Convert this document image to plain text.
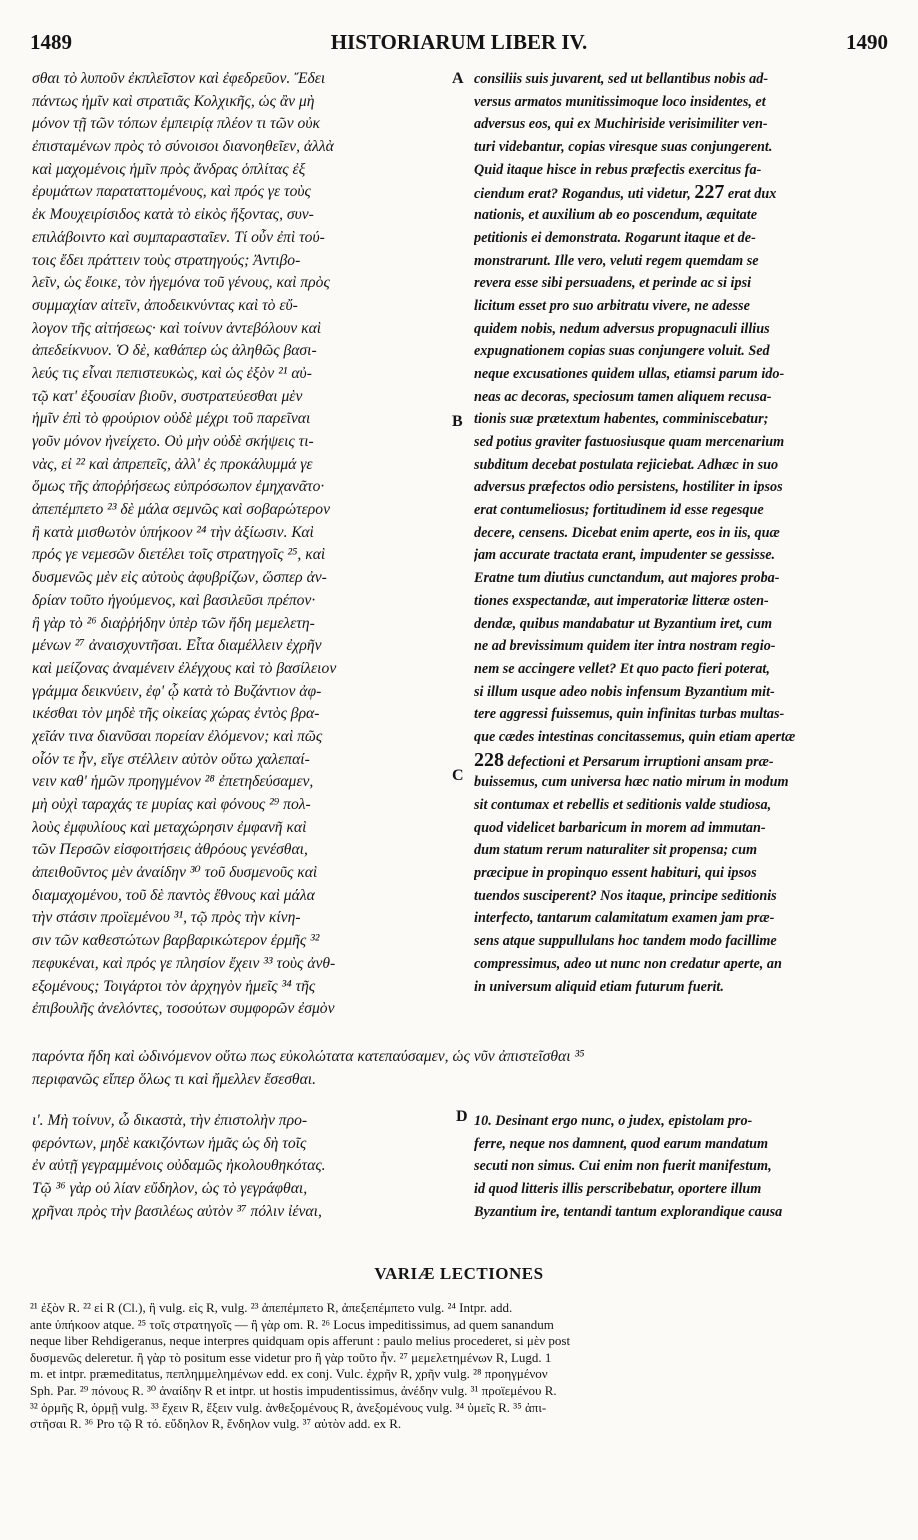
1489	HISTORIARUM LIBER IV.	1490
σθαι τὸ λυποῦν ἐκπλεῖστον καὶ ἐφεδρεῦον. Ἔδει
πάντως ἡμῖν καὶ στρατιᾶς Κολχικῆς, ὡς ἂν μὴ
μόνον τῇ τῶν τόπων ἐμπειρίᾳ πλέον τι τῶν οὐκ
ἐπισταμένων πρὸς τὸ σύνοισοι διανοηθεῖεν, ἀλλὰ
καὶ μαχομένοις ἡμῖν πρὸς ἄνδρας ὁπλίτας ἐξ
ἐρυμάτων παραταττομένους, καὶ πρός γε τοὺς
ἐκ Μουχειρίσιδος κατὰ τὸ εἰκὸς ἥξοντας, συν-
επιλάβοιντο καὶ συμπαρασταῖεν. Τί οὖν ἐπὶ τού-
τοις ἔδει πράττειν τοὺς στρατηγούς; Ἀντιβο-
λεῖν, ὡς ἔοικε, τὸν ἡγεμόνα τοῦ γένους, καὶ πρὸς
συμμαχίαν αἰτεῖν, ἀποδεικνύντας καὶ τὸ εὔ-
λογον τῆς αἰτήσεως· καὶ τοίνυν ἀντεβόλουν καὶ
ἀπεδείκνυον. Ὁ δὲ, καθάπερ ὡς ἀληθῶς βασι-
λεύς τις εἶναι πεπιστευκὼς, καὶ ὡς ἐξὸν ²¹ αὐ-
τῷ κατ' ἐξουσίαν βιοῦν, συστρατεύεσθαι μὲν
ἡμῖν ἐπὶ τὸ φρούριον οὐδὲ μέχρι τοῦ παρεῖναι
γοῦν μόνον ἠνείχετο. Οὐ μὴν οὐδὲ σκήψεις τι-
νὰς, εἰ ²² καὶ ἀπρεπεῖς, ἀλλ' ἐς προκάλυμμά γε
ὅμως τῆς ἀποῤῥήσεως εὐπρόσωπον ἐμηχανᾶτο·
ἀπεπέμπετο ²³ δὲ μάλα σεμνῶς καὶ σοβαρώτερον
ἢ κατὰ μισθωτὸν ὑπήκοον ²⁴ τὴν ἀξίωσιν. Καὶ
πρός γε νεμεσῶν διετέλει τοῖς στρατηγοῖς ²⁵, καὶ
δυσμενῶς μὲν εἰς αὐτοὺς ἀφυβρίζων, ὥσπερ ἀν-
δρίαν τοῦτο ἡγούμενος, καὶ βασιλεῦσι πρέπον·
ἢ γὰρ τὸ ²⁶ διαῤῥήδην ὑπὲρ τῶν ἤδη μεμελετη-
μένων ²⁷ ἀναισχυντῆσαι. Εἶτα διαμέλλειν ἐχρῆν
καὶ μείζονας ἀναμένειν ἐλέγχους καὶ τὸ βασίλειον
γράμμα δεικνύειν, ἐφ' ᾧ κατὰ τὸ Βυζάντιον ἀφ-
ικέσθαι τὸν μηδὲ τῆς οἰκείας χώρας ἐντὸς βρα-
χεῖάν τινα διανῦσαι πορείαν ἐλόμενον; καὶ πῶς
οἷόν τε ἦν, εἴγε στέλλειν αὐτὸν οὕτω χαλεπαί-
νειν καθ' ἡμῶν προηγμένον ²⁸ ἐπετηδεύσαμεν,
μὴ οὐχὶ ταραχάς τε μυρίας καὶ φόνους ²⁹ πολ-
λοὺς ἐμφυλίους καὶ μεταχώρησιν ἐμφανῆ καὶ
τῶν Περσῶν εἰσφοιτήσεις ἀθρόους γενέσθαι,
ἀπειθοῦντος μὲν ἀναίδην ³⁰ τοῦ δυσμενοῦς καὶ
διαμαχομένου, τοῦ δὲ παντὸς ἔθνους καὶ μάλα
τὴν στάσιν προϊεμένου ³¹, τῷ πρὸς τὴν κίνη-
σιν τῶν καθεστώτων βαρβαρικώτερον ἐρμῆς ³²
πεφυκέναι, καὶ πρός γε πλησίον ἔχειν ³³ τοὺς ἀνθ-
εξομένους; Τοιγάρτοι τὸν ἀρχηγὸν ἡμεῖς ³⁴ τῆς
ἐπιβουλῆς ἀνελόντες, τοσούτων συμφορῶν ἐσμὸν
consiliis suis juvarent, sed ut bellantibus nobis ad-
versus armatos munitissimoque loco insidentes, et
adversus eos, qui ex Muchiriside verisimiliter ven-
turi videbantur, copias viresque suas conjungerent.
Quid itaque hisce in rebus præfectis exercitus fa-
ciendum erat? Rogandus, uti videtur, 227 erat dux
nationis, et auxilium ab eo poscendum, æquitate
petitionis ei demonstrata. Rogarunt itaque et de-
monstrarunt. Ille vero, veluti regem quemdam se
revera esse sibi persuadens, et perinde ac si ipsi
licitum esset pro suo arbitratu vivere, ne adesse
quidem nobis, nedum adversus propugnaculi illius
expugnationem copias suas conjungere voluit. Sed
neque excusationes quidem ullas, etiamsi parum ido-
neas ac decoras, speciosum tamen aliquem recusa-
tionis suæ prætextum habentes, comminiscebatur;
sed potius graviter fastuosiusque quam mercenarium
subditum decebat postulata rejiciebat. Adhæc in suo
adversus præfectos odio persistens, hostiliter in ipsos
erat contumeliosus; fortitudinem id esse regesque
decere, censens. Dicebat enim aperte, eos in iis, quæ
jam accurate tractata erant, impudenter se gessisse.
Eratne tum diutius cunctandum, aut majores proba-
tiones exspectandæ, aut imperatoriæ litteræ osten-
dendæ, quibus mandabatur ut Byzantium iret, cum
ne ad brevissimum quidem iter intra nostram regio-
nem se accingere vellet? Et quo pacto fieri poterat,
si illum usque adeo nobis infensum Byzantium mit-
tere aggressi fuissemus, quin infinitas turbas multas-
que cædes intestinas concitassemus, quin etiam apertæ
228 defectioni et Persarum irruptioni ansam præ-
buissemus, cum universa hæc natio mirum in modum
sit contumax et rebellis et seditionis valde studiosa,
quod videlicet barbaricum in morem ad immutan-
dum statum rerum naturaliter sit propensa; cum
præcipue in propinquo essent habituri, qui ipsos
tuendos susciperent? Nos itaque, principe seditionis
interfecto, tantarum calamitatum examen jam præ-
sens atque suppullulans hoc tandem modo facillime
compressimus, adeo ut nunc non credatur aperte, an
in universum aliquid etiam futurum fuerit.
A
B
C
D
παρόντα ἤδη καὶ ὠδινόμενον οὕτω πως εὐκολώτατα κατεπαύσαμεν, ὡς νῦν ἀπιστεῖσθαι ³⁵
περιφανῶς εἴπερ ὅλως τι καὶ ἤμελλεν ἔσεσθαι.
ι'. Μὴ τοίνυν, ὦ δικαστὰ, τὴν ἐπιστολὴν προ-
φερόντων, μηδὲ κακιζόντων ἡμᾶς ὡς δὴ τοῖς
ἐν αὐτῇ γεγραμμένοις οὐδαμῶς ἠκολουθηκότας.
Τῷ ³⁶ γὰρ οὐ λίαν εὔδηλον, ὡς τὸ γεγράφθαι,
χρῆναι πρὸς τὴν βασιλέως αὐτὸν ³⁷ πόλιν ἰέναι,
10. Desinant ergo nunc, o judex, epistolam pro-
ferre, neque nos damnent, quod earum mandatum
secuti non simus. Cui enim non fuerit manifestum,
id quod litteris illis perscribebatur, oportere illum
Byzantium ire, tentandi tantum explorandique causa
VARIÆ LECTIONES
²¹ ἐξὸν R. ²² εἰ R (Cl.), ἢ vulg. εἰς R, vulg. ²³ ἀπεπέμπετο R, ἀπεξεπέμπετο vulg. ²⁴ Intpr. add.
ante ὑπήκοον atque. ²⁵ τοῖς στρατηγοῖς — ἢ γὰρ om. R. ²⁶ Locus impeditissimus, ad quem sanandum
neque liber Rehdigeranus, neque interpres quidquam opis afferunt : paulo melius procederet, si μὲν post
δυσμενῶς deleretur. ἢ γὰρ τὸ positum esse videtur pro ἢ γὰρ τοῦτο ἦν. ²⁷ μεμελετημένων R, Lugd. 1
m. et intpr. præmeditatus, πεπλημμελημένων edd. ex conj. Vulc. ἐχρῆν R, χρῆν vulg. ²⁸ προηγμένον
Sph. Par. ²⁹ πόνους R. ³⁰ ἀναίδην R et intpr. ut hostis impudentissimus, ἀνέδην vulg. ³¹ προϊεμένου R.
³² ὁρμῆς R, ὁρμῇ vulg. ³³ ἔχειν R, ἔξειν vulg. ἀνθεξομένους R, ἀνεξομένους vulg. ³⁴ ὑμεῖς R. ³⁵ ἀπι-
στῆσαι R. ³⁶ Pro τῷ R τό. εὔδηλον R, ἔνδηλον vulg. ³⁷ αὐτὸν add. ex R.
